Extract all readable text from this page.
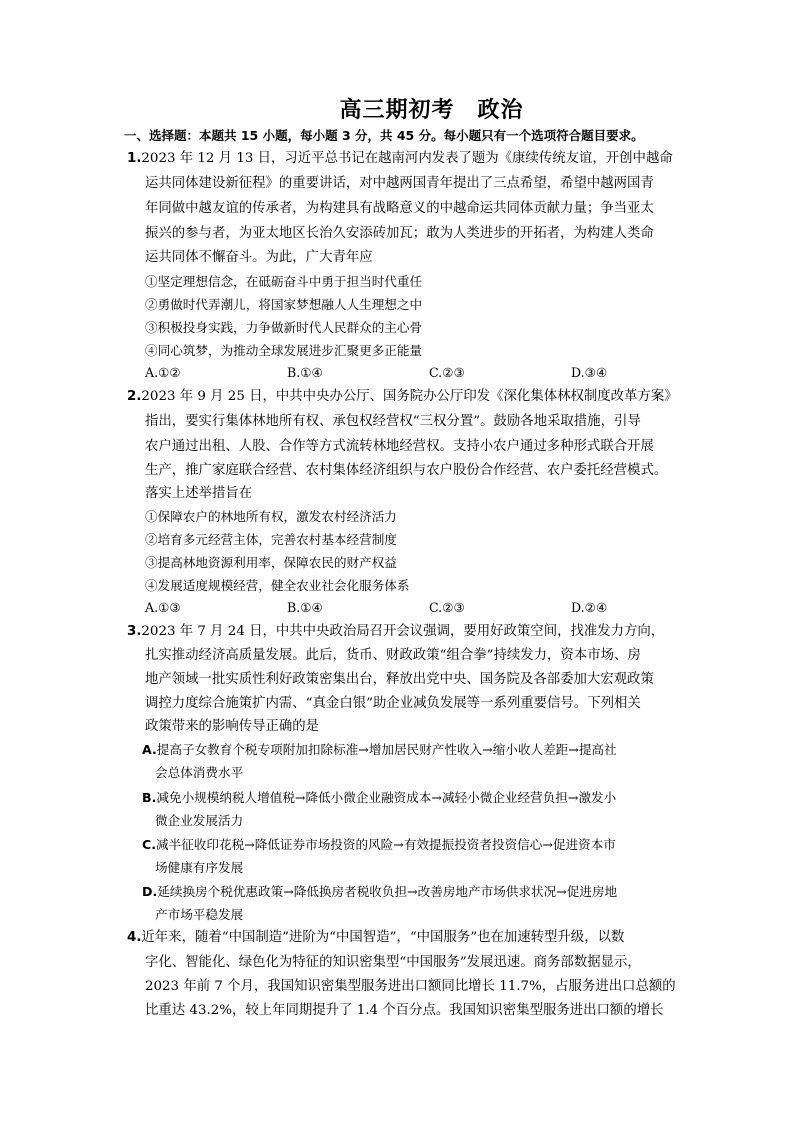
高三期初考　政治
一、选择题：本题共 15 小题，每小题 3 分，共 45 分。每小题只有一个选项符合题目要求。
1.2023 年 12 月 13 日，习近平总书记在越南河内发表了题为《康续传统友谊，开创中越命
运共同体建设新征程》的重要讲话，对中越两国青年提出了三点希望，希望中越两国青
年同做中越友谊的传承者，为构建具有战略意义的中越命运共同体贡献力量；争当亚太
振兴的参与者，为亚太地区长治久安添砖加瓦；敢为人类进步的开拓者，为构建人类命
运共同体不懈奋斗。为此，广大青年应
①坚定理想信念，在砥砺奋斗中勇于担当时代重任
②勇做时代弄潮儿，将国家梦想融人人生理想之中
③积极投身实践，力争做新时代人民群众的主心骨
④同心筑梦，为推动全球发展进步汇聚更多正能量
A.①②	B.①④	C.②③	D.③④
2.2023 年 9 月 25 日，中共中央办公厅、国务院办公厅印发《深化集体林权制度改革方案》
指出，要实行集体林地所有权、承包权经营权“三权分置”。鼓励各地采取措施，引导
农户通过出租、人股、合作等方式流转林地经营权。支持小农户通过多种形式联合开展
生产，推广家庭联合经营、农村集体经济组织与农户股份合作经营、农户委托经营模式。
落实上述举措旨在
①保障农户的林地所有权，激发农村经济活力
②培育多元经营主体，完善农村基本经营制度
③提高林地资源利用率，保障农民的财产权益
④发展适度规模经营，健全农业社会化服务体系
A.①③	B.①④	C.②③	D.②④
3.2023 年 7 月 24 日，中共中央政治局召开会议强调，要用好政策空间，找准发力方向，
扎实推动经济高质量发展。此后，货币、财政政策“组合拳”持续发力，资本市场、房
地产领域一批实质性利好政策密集出台，释放出党中央、国务院及各部委加大宏观政策
调控力度综合施策扩内需、“真金白银”助企业减负发展等一系列重要信号。下列相关
政策带来的影响传导正确的是
A.提高子女教育个税专项附加扣除标准→增加居民财产性收入→缩小收人差距→提高社
会总体消费水平
B.减免小规模纳税人增值税→降低小微企业融资成本→减轻小微企业经营负担→激发小
微企业发展活力
C.减半征收印花税→降低证券市场投资的风险→有效提振投资者投资信心→促进资本市
场健康有序发展
D.延续换房个税优惠政策→降低换房者税收负担→改善房地产市场供求状况→促进房地
产市场平稳发展
4.近年来，随着“中国制造”进阶为“中国智造”，“中国服务”也在加速转型升级，以数
字化、智能化、绿色化为特征的知识密集型“中国服务”发展迅速。商务部数据显示，
2023 年前 7 个月，我国知识密集型服务进出口额同比增长 11.7%，占服务进出口总额的
比重达 43.2%，较上年同期提升了 1.4 个百分点。我国知识密集型服务进出口额的增长
